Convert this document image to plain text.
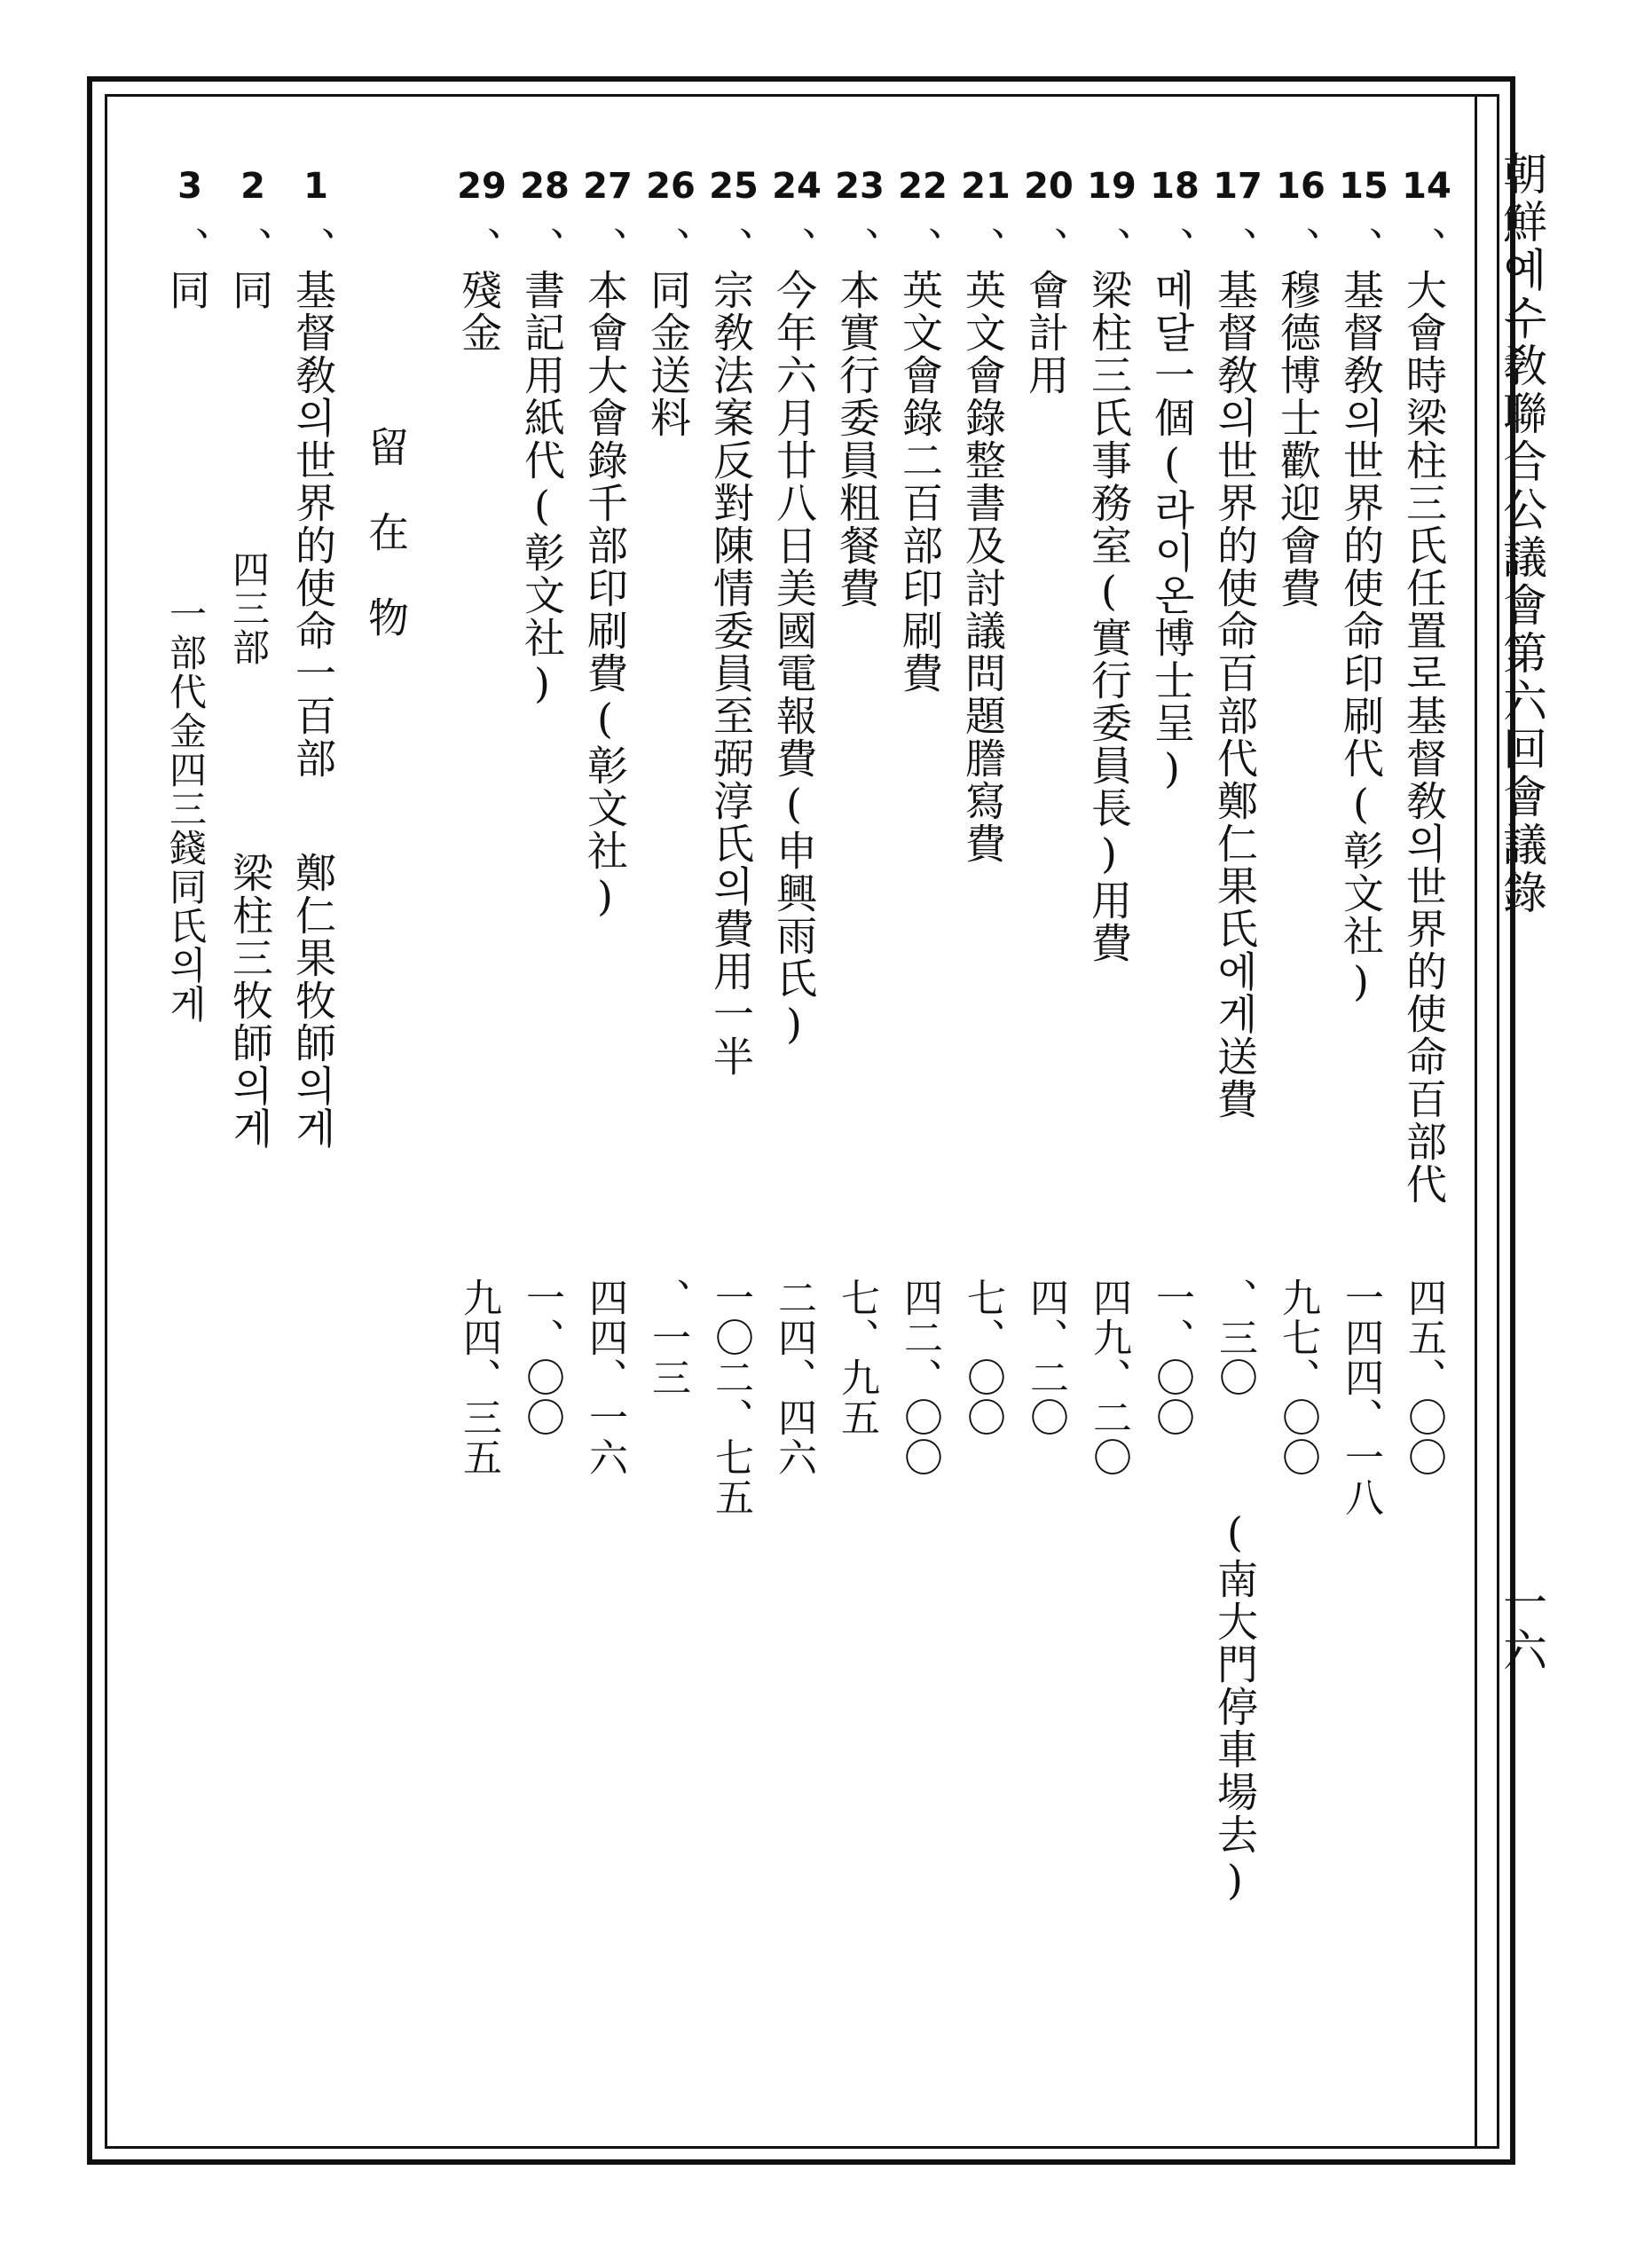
朝鮮예수敎聯合公議會第六回會議錄
一六
14
、大會時梁柱三氏任置로基督敎의世界的使命百部代
四五、〇〇
15
、基督敎의世界的使命印刷代(彰文社)
一四四、一八
16
、穆德博士歡迎會費
九七、〇〇
17
、基督敎의世界的使命百部代鄭仁果氏에게送費
、三〇
(南大門停車場去)
18
、메달一個(라이온博士呈)
一、〇〇
19
、梁柱三氏事務室(實行委員長)用費
四九、二〇
20
、會計用
四、二〇
21
、英文會錄整書及討議問題謄寫費
七、〇〇
22
、英文會錄二百部印刷費
四二、〇〇
23
、本實行委員粗餐費
七、九五
24
、今年六月廿八日美國電報費(申興雨氏)
二四、四六
25
、宗敎法案反對陳情委員至弼淳氏의費用一半
一〇二、七五
26
、同金送料
、一三
27
、本會大會錄千部印刷費(彰文社)
四四、一六
28
、書記用紙代(彰文社)
一、〇〇
29
、殘金
九四、三五
留　在　物
1
、基督敎의世界的使命一百部
鄭仁果牧師의게
2
、同
四三部
梁柱三牧師의게
3
、同
一部代金四三錢同氏의게
